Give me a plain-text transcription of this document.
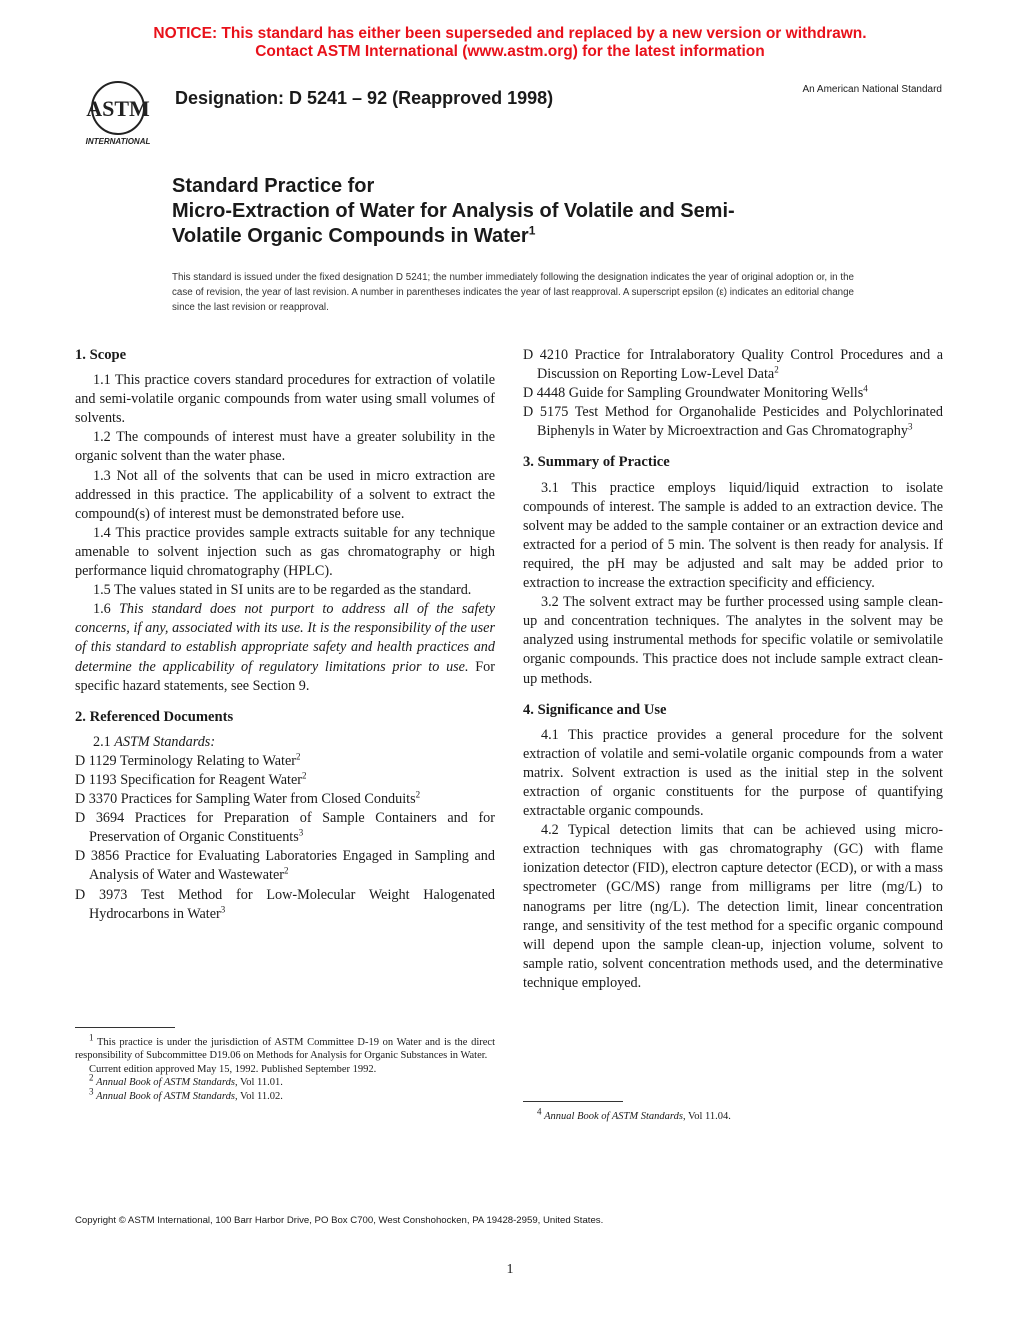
NOTICE: This standard has either been superseded and replaced by a new version or withdrawn.
Contact ASTM International (www.astm.org) for the latest information
ASTM
INTERNATIONAL
Designation: D 5241 – 92 (Reapproved 1998)	An American National Standard
Standard Practice for
Micro-Extraction of Water for Analysis of Volatile and Semi-
Volatile Organic Compounds in Water$^1$
This standard is issued under the fixed designation D 5241; the number immediately following the designation indicates the year of original adoption or, in the case of revision, the year of last revision. A number in parentheses indicates the year of last reapproval. A superscript epsilon (ε) indicates an editorial change since the last revision or reapproval.
1. Scope

1.1 This practice covers standard procedures for extraction of volatile and semi-volatile organic compounds from water using small volumes of solvents.

1.2 The compounds of interest must have a greater solubility in the organic solvent than the water phase.

1.3 Not all of the solvents that can be used in micro extraction are addressed in this practice. The applicability of a solvent to extract the compound(s) of interest must be demonstrated before use.

1.4 This practice provides sample extracts suitable for any technique amenable to solvent injection such as gas chromatography or high performance liquid chromatography (HPLC).

1.5 The values stated in SI units are to be regarded as the standard.

1.6 This standard does not purport to address all of the safety concerns, if any, associated with its use. It is the responsibility of the user of this standard to establish appropriate safety and health practices and determine the applicability of regulatory limitations prior to use. For specific hazard statements, see Section 9.

2. Referenced Documents

2.1 ASTM Standards:

D 1129 Terminology Relating to Water$^2$
D 1193 Specification for Reagent Water$^2$
D 3370 Practices for Sampling Water from Closed Conduits$^2$
D 3694 Practices for Preparation of Sample Containers and for Preservation of Organic Constituents$^3$
D 3856 Practice for Evaluating Laboratories Engaged in Sampling and Analysis of Water and Wastewater$^2$
D 3973 Test Method for Low-Molecular Weight Halogenated Hydrocarbons in Water$^3$
D 4210 Practice for Intralaboratory Quality Control Procedures and a Discussion on Reporting Low-Level Data$^2$
D 4448 Guide for Sampling Groundwater Monitoring Wells$^4$
D 5175 Test Method for Organohalide Pesticides and Polychlorinated Biphenyls in Water by Microextraction and Gas Chromatography$^3$
3. Summary of Practice

3.1 This practice employs liquid/liquid extraction to isolate compounds of interest. The sample is added to an extraction device. The solvent may be added to the sample container or an extraction device and extracted for a period of 5 min. The solvent is then ready for analysis. If required, the pH may be adjusted and salt may be added prior to extraction to increase the extraction specificity and efficiency.

3.2 The solvent extract may be further processed using sample clean-up and concentration techniques. The analytes in the solvent may be analyzed using instrumental methods for specific volatile or semivolatile organic compounds. This practice does not include sample extract clean-up methods.

4. Significance and Use

4.1 This practice provides a general procedure for the solvent extraction of volatile and semi-volatile organic compounds from a water matrix. Solvent extraction is used as the initial step in the solvent extraction of organic constituents for the purpose of quantifying extractable organic compounds.

4.2 Typical detection limits that can be achieved using micro-extraction techniques with gas chromatography (GC) with flame ionization detector (FID), electron capture detector (ECD), or with a mass spectrometer (GC/MS) range from milligrams per litre (mg/L) to nanograms per litre (ng/L). The detection limit, linear concentration range, and sensitivity of the test method for a specific organic compound will depend upon the sample clean-up, injection volume, solvent to sample ratio, solvent concentration methods used, and the determinative technique employed.

$^1$ This practice is under the jurisdiction of ASTM Committee D-19 on Water and is the direct responsibility of Subcommittee D19.06 on Methods for Analysis for Organic Substances in Water.

Current edition approved May 15, 1992. Published September 1992.

$^2$ Annual Book of ASTM Standards, Vol 11.01.

$^3$ Annual Book of ASTM Standards, Vol 11.02.

$^4$ Annual Book of ASTM Standards, Vol 11.04.

Copyright © ASTM International, 100 Barr Harbor Drive, PO Box C700, West Conshohocken, PA 19428-2959, United States.
1
